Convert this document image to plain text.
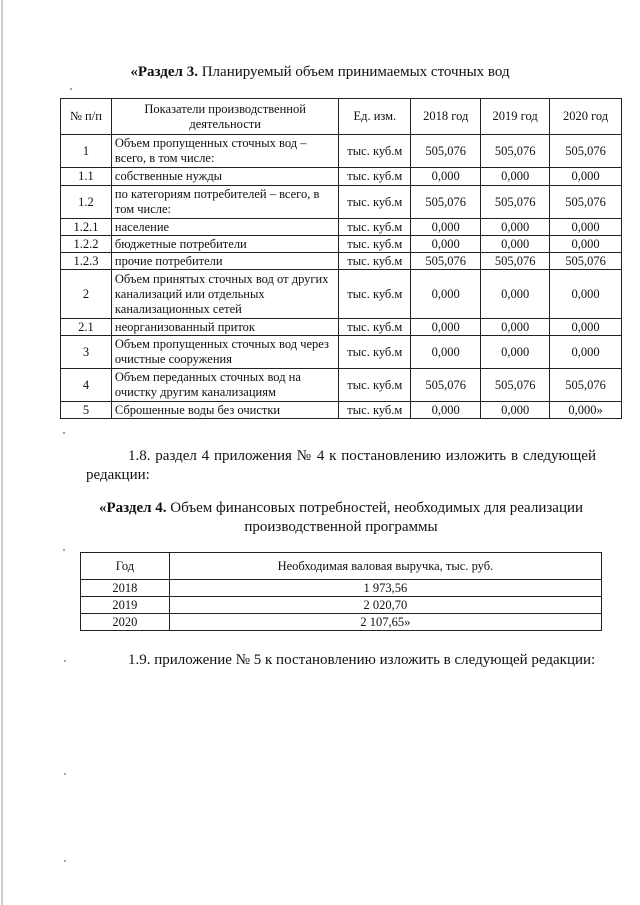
«Раздел 3. Планируемый объем принимаемых сточных вод
№ п/п	Показатели производственной деятельности	Ед. изм.	2018 год	2019 год	2020 год
1	Объем пропущенных сточных вод – всего, в том числе:	тыс. куб.м	505,076	505,076	505,076
1.1	собственные нужды	тыс. куб.м	0,000	0,000	0,000
1.2	по категориям потребителей – всего, в том числе:	тыс. куб.м	505,076	505,076	505,076
1.2.1	население	тыс. куб.м	0,000	0,000	0,000
1.2.2	бюджетные потребители	тыс. куб.м	0,000	0,000	0,000
1.2.3	прочие потребители	тыс. куб.м	505,076	505,076	505,076
2	Объем принятых сточных вод от других канализаций или отдельных канализационных сетей	тыс. куб.м	0,000	0,000	0,000
2.1	неорганизованный приток	тыс. куб.м	0,000	0,000	0,000
3	Объем пропущенных сточных вод через очистные сооружения	тыс. куб.м	0,000	0,000	0,000
4	Объем переданных сточных вод на очистку другим канализациям	тыс. куб.м	505,076	505,076	505,076
5	Сброшенные воды без очистки	тыс. куб.м	0,000	0,000	0,000»
1.8. раздел 4 приложения № 4 к постановлению изложить в следующей редакции:
«Раздел 4. Объем финансовых потребностей, необходимых для реализации производственной программы
Год	Необходимая валовая выручка, тыс. руб.
2018	1 973,56
2019	2 020,70
2020	2 107,65»
1.9. приложение № 5 к постановлению изложить в следующей редакции:
